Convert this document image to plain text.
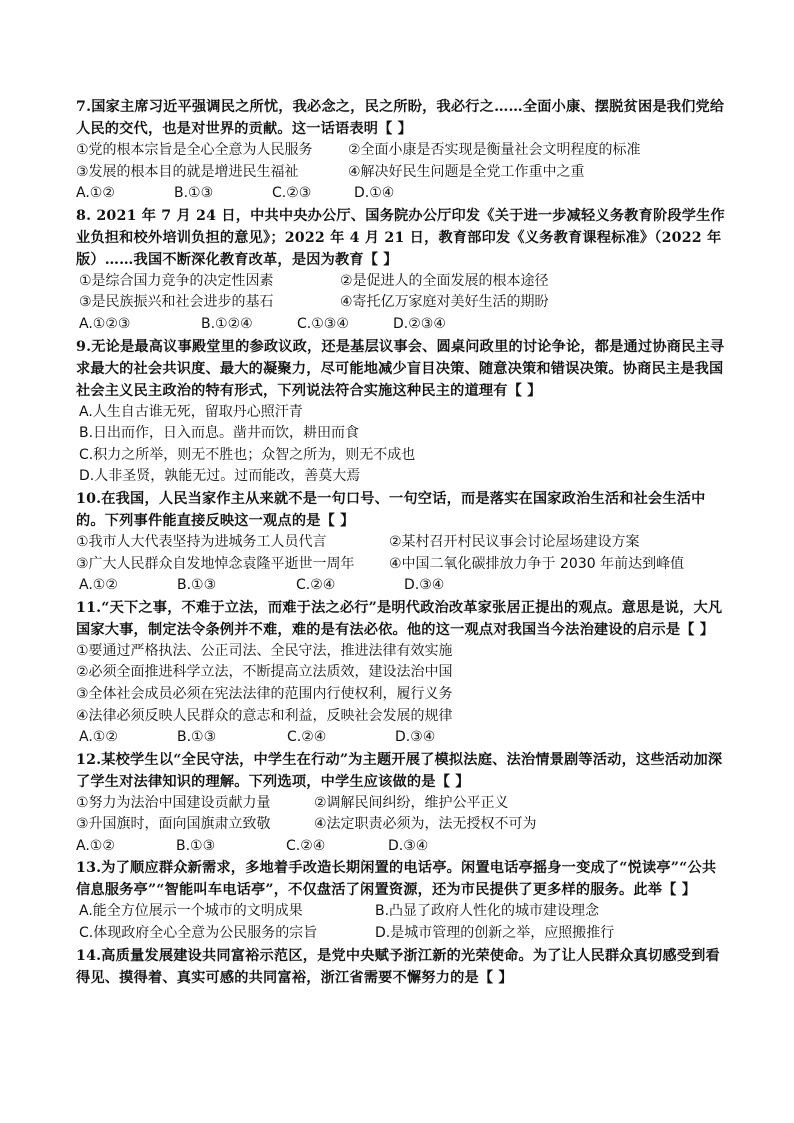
7.国家主席习近平强调民之所忧，我必念之，民之所盼，我必行之……全面小康、摆脱贫困是我们党给人民的交代，也是对世界的贡献。这一话语表明【 】

①党的根本宗旨是全心全意为人民服务	②全面小康是否实现是衡量社会文明程度的标准
③发展的根本目的就是增进民生福祉	④解决好民生问题是全党工作重中之重
A.①②	B.①③	C.②③	D.①④

8. 2021 年 7 月 24 日，中共中央办公厅、国务院办公厅印发《关于进一步减轻义务教育阶段学生作业负担和校外培训负担的意见》；2022 年 4 月 21 日，教育部印发《义务教育课程标准》（2022 年版）……我国不断深化教育改革，是因为教育【 】

①是综合国力竞争的决定性因素	②是促进人的全面发展的根本途径
③是民族振兴和社会进步的基石	④寄托亿万家庭对美好生活的期盼
A.①②③	B.①②④	C.①③④	D.②③④

9.无论是最高议事殿堂里的参政议政，还是基层议事会、圆桌问政里的讨论争论，都是通过协商民主寻求最大的社会共识度、最大的凝聚力，尽可能地减少盲目决策、随意决策和错误决策。协商民主是我国社会主义民主政治的特有形式，下列说法符合实施这种民主的道理有【 】

A.人生自古谁无死，留取丹心照汗青

B.日出而作，日入而息。凿井而饮，耕田而食

C.积力之所举，则无不胜也；众智之所为，则无不成也

D.人非圣贤，孰能无过。过而能改，善莫大焉

10.在我国，人民当家作主从来就不是一句口号、一句空话，而是落实在国家政治生活和社会生活中的。下列事件能直接反映这一观点的是【 】

①我市人大代表坚持为进城务工人员代言	②某村召开村民议事会讨论屋场建设方案
③广大人民群众自发地悼念袁隆平逝世一周年	④中国二氧化碳排放力争于 2030 年前达到峰值
A.①②	B.①③	C.②④	D.③④

11.“天下之事，不难于立法，而难于法之必行”是明代政治改革家张居正提出的观点。意思是说，大凡国家大事，制定法令条例并不难，难的是有法必依。他的这一观点对我国当今法治建设的启示是【 】

①要通过严格执法、公正司法、全民守法，推进法律有效实施

②必须全面推进科学立法，不断提高立法质效，建设法治中国

③全体社会成员必须在宪法法律的范围内行使权利，履行义务

④法律必须反映人民群众的意志和利益，反映社会发展的规律

A.①②	B.①③	C.②④	D.③④

12.某校学生以“全民守法，中学生在行动”为主题开展了模拟法庭、法治情景剧等活动，这些活动加深了学生对法律知识的理解。下列选项，中学生应该做的是【 】

①努力为法治中国建设贡献力量	②调解民间纠纷，维护公平正义
③升国旗时，面向国旗肃立致敬	④法定职责必须为，法无授权不可为
A.①②	B.①③	C.②④	D.③④

13.为了顺应群众新需求，多地着手改造长期闲置的电话亭。闲置电话亭摇身一变成了“悦读亭”“公共信息服务亭”“智能叫车电话亭”，不仅盘活了闲置资源，还为市民提供了更多样的服务。此举【 】

A.能全方位展示一个城市的文明成果	B.凸显了政府人性化的城市建设理念
C.体现政府全心全意为公民服务的宗旨	D.是城市管理的创新之举，应照搬推行

14.高质量发展建设共同富裕示范区，是党中央赋予浙江新的光荣使命。为了让人民群众真切感受到看得见、摸得着、真实可感的共同富裕，浙江省需要不懈努力的是【 】
